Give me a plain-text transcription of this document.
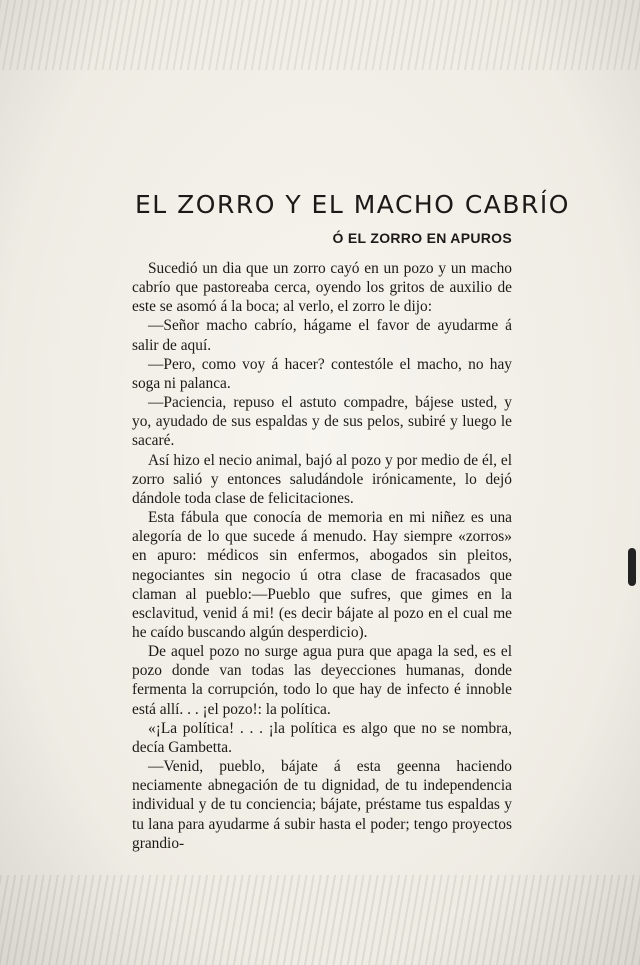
EL ZORRO Y EL MACHO CABRÍO
Ó EL ZORRO EN APUROS

Sucedió un dia que un zorro cayó en un pozo y un macho cabrío que pastoreaba cerca, oyendo los gritos de auxilio de este se asomó á la boca; al verlo, el zorro le dijo:

—Señor macho cabrío, hágame el favor de ayudarme á salir de aquí.

—Pero, como voy á hacer? contestóle el macho, no hay soga ni palanca.

—Paciencia, repuso el astuto compadre, bájese usted, y yo, ayudado de sus espaldas y de sus pelos, subiré y luego le sacaré.

Así hizo el necio animal, bajó al pozo y por medio de él, el zorro salió y entonces saludándole irónicamente, lo dejó dándole toda clase de felicitaciones.

Esta fábula que conocía de memoria en mi niñez es una alegoría de lo que sucede á menudo. Hay siempre «zorros» en apuro: médicos sin enfermos, abogados sin pleitos, negociantes sin negocio ú otra clase de fracasados que claman al pueblo:—Pueblo que sufres, que gimes en la esclavitud, venid á mi! (es decir bájate al pozo en el cual me he caído buscando algún desperdicio).

De aquel pozo no surge agua pura que apaga la sed, es el pozo donde van todas las deyecciones humanas, donde fermenta la corrupción, todo lo que hay de infecto é innoble está allí. . . ¡el pozo!: la política.

«¡La política! . . . ¡la política es algo que no se nombra, decía Gambetta.

—Venid, pueblo, bájate á esta geenna haciendo neciamente abnegación de tu dignidad, de tu independencia individual y de tu conciencia; bájate, préstame tus espaldas y tu lana para ayudarme á subir hasta el poder; tengo proyectos grandio-
